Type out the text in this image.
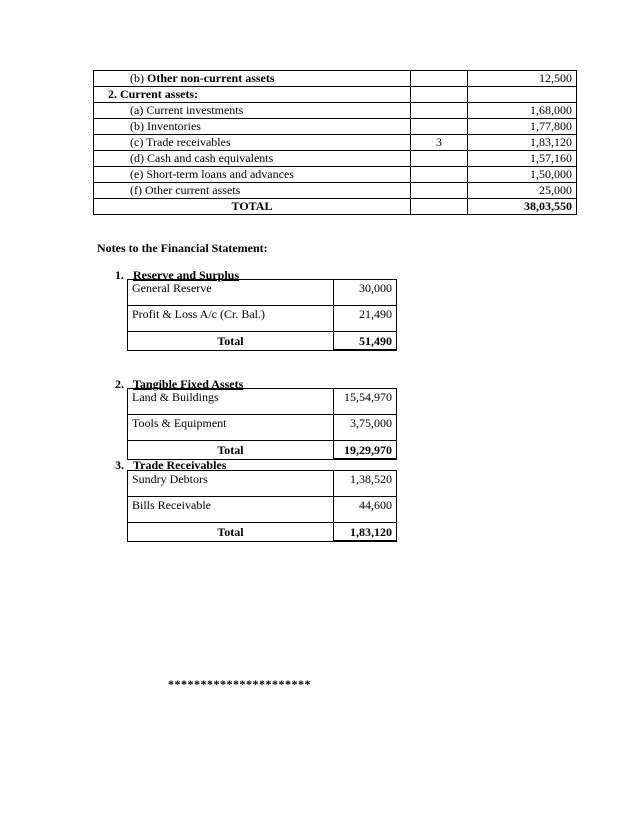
(b) Other non-current assets		12,500
2. Current assets:		
(a) Current investments		1,68,000
(b) Inventories		1,77,800
(c) Trade receivables	3	1,83,120
(d) Cash and cash equivalents		1,57,160
(e) Short-term loans and advances		1,50,000
(f) Other current assets		25,000
TOTAL		38,03,550
Notes to the Financial Statement:
1. Reserve and Surplus
General Reserve	30,000
Profit & Loss A/c (Cr. Bal.)	21,490
Total	51,490
2. Tangible Fixed Assets
Land & Buildings	15,54,970
Tools & Equipment	3,75,000
Total	19,29,970
3. Trade Receivables
Sundry Debtors	1,38,520
Bills Receivable	44,600
Total	1,83,120
**********************
